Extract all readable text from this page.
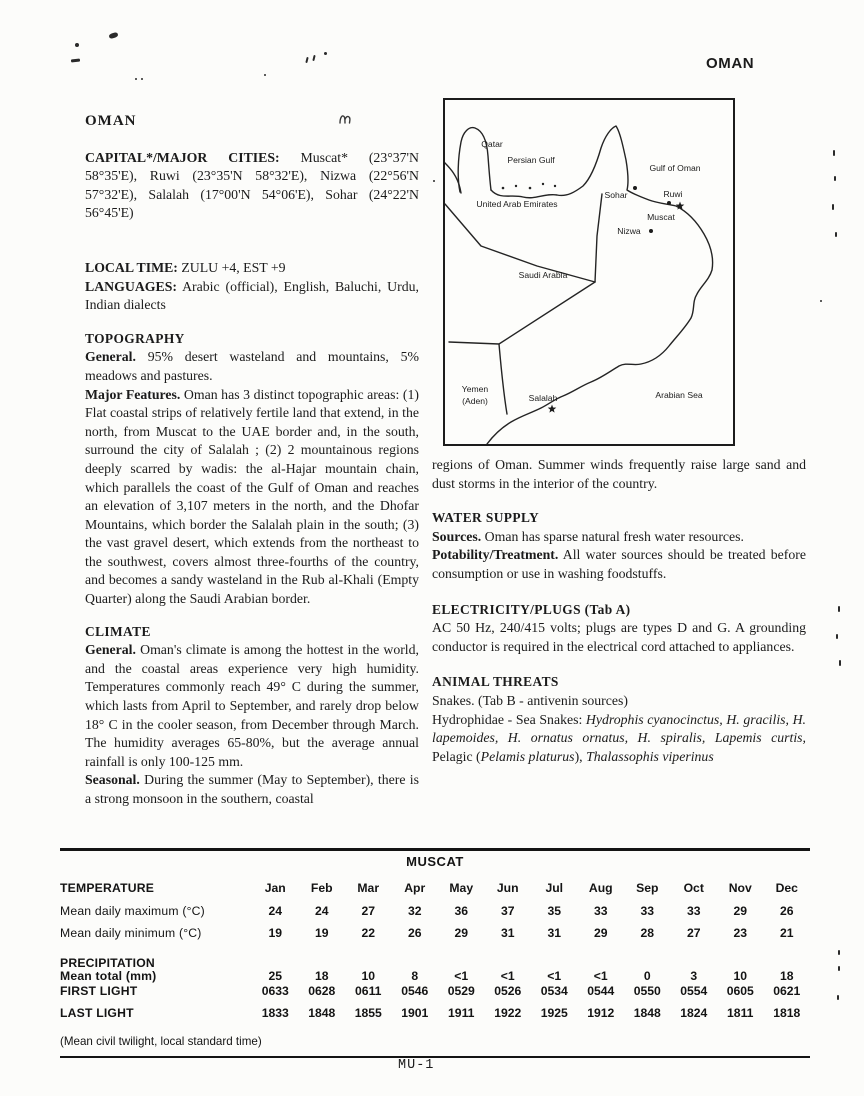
OMAN
OMAN

CAPITAL*/MAJOR CITIES: Muscat* (23°37'N 58°35'E), Ruwi (23°35'N 58°32'E), Nizwa (22°56'N 57°32'E), Salalah (17°00'N 54°06'E), Sohar (24°22'N 56°45'E)

LOCAL TIME: ZULU +4, EST +9

LANGUAGES: Arabic (official), English, Baluchi, Urdu, Indian dialects

TOPOGRAPHY

General. 95% desert wasteland and mountains, 5% meadows and pastures.

Major Features. Oman has 3 distinct topographic areas: (1) Flat coastal strips of relatively fertile land that extend, in the north, from Muscat to the UAE border and, in the south, surround the city of Salalah ; (2) 2 mountainous regions deeply scarred by wadis: the al-Hajar mountain chain, which parallels the coast of the Gulf of Oman and reaches an elevation of 3,107 meters in the north, and the Dhofar Mountains, which border the Salalah plain in the south; (3) the vast gravel desert, which extends from the northeast to the southwest, covers almost three-fourths of the country, and becomes a sandy wasteland in the Rub al-Khali (Empty Quarter) along the Saudi Arabian border.

CLIMATE

General. Oman's climate is among the hottest in the world, and the coastal areas experience very high humidity. Temperatures commonly reach 49° C during the summer, which lasts from April to September, and rarely drop below 18° C in the cooler season, from December through March. The humidity averages 65-80%, but the average annual rainfall is only 100-125 mm.

Seasonal. During the summer (May to September), there is a strong monsoon in the southern, coastal

Qatar
Persian Gulf
Gulf of Oman
United Arab Emirates
Sohar	Ruwi
Muscat
Nizwa
Saudi Arabia
Yemen
(Aden)	Salalah	Arabian Sea

regions of Oman. Summer winds frequently raise large sand and dust storms in the interior of the country.

WATER SUPPLY

Sources. Oman has sparse natural fresh water resources.

Potability/Treatment. All water sources should be treated before consumption or use in washing foodstuffs.

ELECTRICITY/PLUGS (Tab A)

AC 50 Hz, 240/415 volts; plugs are types D and G. A grounding conductor is required in the electrical cord attached to appliances.

ANIMAL THREATS

Snakes. (Tab B - antivenin sources)

Hydrophidae - Sea Snakes: Hydrophis cyanocinctus, H. gracilis, H. lapemoides, H. ornatus ornatus, H. spiralis, Lapemis curtis, Pelagic (Pelamis platurus), Thalassophis viperinus

MUSCAT
TEMPERATURE	Jan	Feb	Mar	Apr	May	Jun	Jul	Aug	Sep	Oct	Nov	Dec
Mean daily maximum (°C)	24	24	27	32	36	37	35	33	33	33	29	26
Mean daily minimum (°C)	19	19	22	26	29	31	31	29	28	27	23	21
PRECIPITATION
Mean total (mm)	25	18	10	8	<1	<1	<1	<1	0	3	10	18
FIRST LIGHT	0633	0628	0611	0546	0529	0526	0534	0544	0550	0554	0605	0621
LAST LIGHT	1833	1848	1855	1901	1911	1922	1925	1912	1848	1824	1811	1818
(Mean civil twilight, local standard time)
MU-1
